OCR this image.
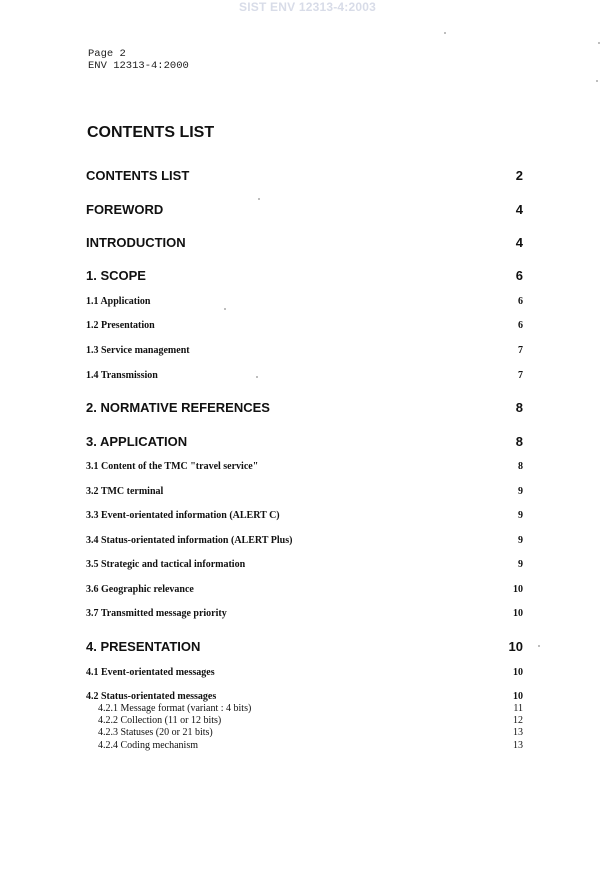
SIST ENV 12313-4:2003
Page 2
ENV 12313-4:2000
CONTENTS LIST
CONTENTS LIST	2
FOREWORD	4
INTRODUCTION	4
1. SCOPE	6
1.1 Application	6
1.2 Presentation	6
1.3 Service management	7
1.4 Transmission	7
2. NORMATIVE REFERENCES	8
3. APPLICATION	8
3.1 Content of the TMC "travel service"	8
3.2 TMC terminal	9
3.3 Event-orientated information (ALERT C)	9
3.4 Status-orientated information (ALERT Plus)	9
3.5 Strategic and tactical information	9
3.6 Geographic relevance	10
3.7 Transmitted message priority	10
4. PRESENTATION	10
4.1 Event-orientated messages	10
4.2 Status-orientated messages	10
4.2.1 Message format (variant : 4 bits)	11
4.2.2 Collection (11 or 12 bits)	12
4.2.3 Statuses (20 or 21 bits)	13
4.2.4 Coding mechanism	13
